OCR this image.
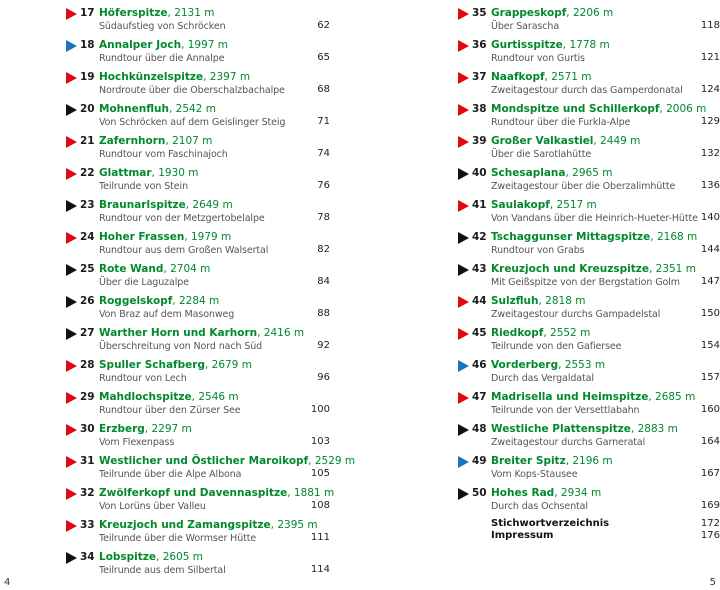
17 Höferspitze, 2131 m
Südaufstieg von Schröcken	62
18 Annalper Joch, 1997 m
Rundtour über die Annalpe	65
19 Hochkünzelspitze, 2397 m
Nordroute über die Oberschalzbachalpe	68
20 Mohnenfluh, 2542 m
Von Schröcken auf dem Geislinger Steig	71
21 Zafernhorn, 2107 m
Rundtour vom Faschinajoch	74
22 Glattmar, 1930 m
Teilrunde von Stein	76
23 Braunarlspitze, 2649 m
Rundtour von der Metzgertobelalpe	78
24 Hoher Frassen, 1979 m
Rundtour aus dem Großen Walsertal	82
25 Rote Wand, 2704 m
Über die Laguzalpe	84
26 Roggelskopf, 2284 m
Von Braz auf dem Masonweg	88
27 Warther Horn und Karhorn, 2416 m
Überschreitung von Nord nach Süd	92
28 Spuller Schafberg, 2679 m
Rundtour von Lech	96
29 Mahdlochspitze, 2546 m
Rundtour über den Zürser See	100
30 Erzberg, 2297 m
Vom Flexenpass	103
31 Westlicher und Östlicher Maroikopf, 2529 m
Teilrunde über die Alpe Albona	105
32 Zwölferkopf und Davennaspitze, 1881 m
Von Lorüns über Valleu	108
33 Kreuzjoch und Zamangspitze, 2395 m
Teilrunde über die Wormser Hütte	111
34 Lobspitze, 2605 m
Teilrunde aus dem Silbertal	114
Stichwortverzeichnis	172
Impressum	176
35 Grappeskopf, 2206 m
Über Sarascha	118
36 Gurtisspitze, 1778 m
Rundtour von Gurtis	121
37 Naafkopf, 2571 m
Zweitagestour durch das Gamperdonatal 124
38 Mondspitze und Schillerkopf, 2006 m
Rundtour über die Furkla-Alpe	129
39 Großer Valkastiel, 2449 m
Über die Sarotlahütte	132
40 Schesaplana, 2965 m
Zweitagestour über die Oberzalimhütte	136
41 Saulakopf, 2517 m
Von Vandans über die Heinrich-Hueter-Hütte 140
42 Tschaggunser Mittagspitze, 2168 m
Rundtour von Grabs	144
43 Kreuzjoch und Kreuzspitze, 2351 m
Mit Geißspitze von der Bergstation Golm 147
44 Sulzfluh, 2818 m
Zweitagestour durchs Gampadelstal	150
45 Riedkopf, 2552 m
Teilrunde von den Gafiersee	154
46 Vorderberg, 2553 m
Durch das Vergaldatal	157
47 Madrisella und Heimspitze, 2685 m
Teilrunde von der Versettlabahn	160
48 Westliche Plattenspitze, 2883 m
Zweitagestour durchs Garneratal	164
49 Breiter Spitz, 2196 m
Vom Kops-Stausee	167
50 Hohes Rad, 2934 m
Durch das Ochsental	169
4	5
